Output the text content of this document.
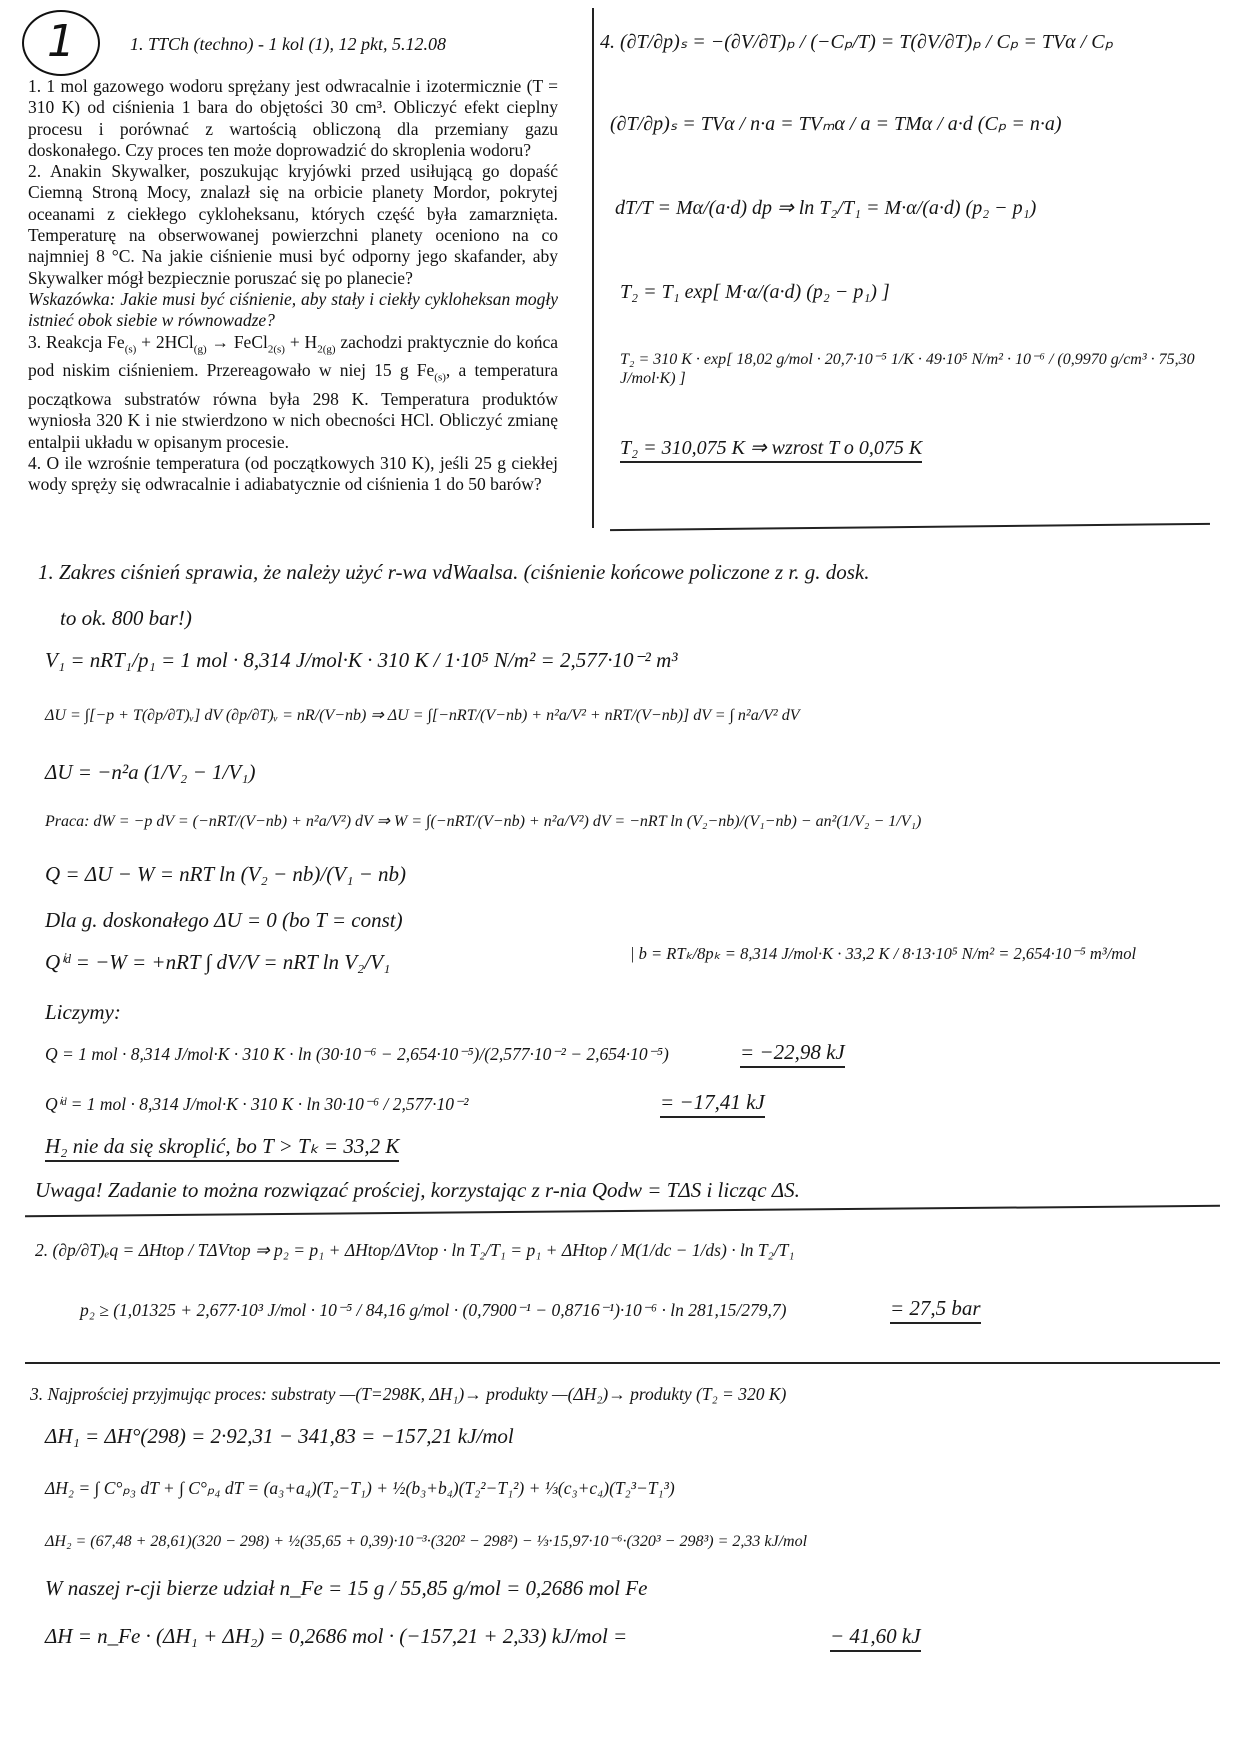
1	1. TTCh (techno) - 1 kol (1), 12 pkt, 5.12.08

1. 1 mol gazowego wodoru sprężany jest odwracalnie i izotermicznie (T = 310 K) od ciśnienia 1 bara do objętości 30 cm³. Obliczyć efekt cieplny procesu i porównać z wartością obliczoną dla przemiany gazu doskonałego. Czy proces ten może doprowadzić do skroplenia wodoru?

2. Anakin Skywalker, poszukując kryjówki przed usiłującą go dopaść Ciemną Stroną Mocy, znalazł się na orbicie planety Mordor, pokrytej oceanami z ciekłego cykloheksanu, których część była zamarznięta. Temperaturę na obserwowanej powierzchni planety oceniono na co najmniej 8 °C. Na jakie ciśnienie musi być odporny jego skafander, aby Skywalker mógł bezpiecznie poruszać się po planecie?

Wskazówka: Jakie musi być ciśnienie, aby stały i ciekły cykloheksan mogły istnieć obok siebie w równowadze?

3. Reakcja $Fe_{(s)} + 2HCl_{(g)}$ → FeCl$_{2(s)}$ + $H_{2(g)}$ zachodzi praktycznie do końca pod niskim ciśnieniem. Przereagowało w niej 15 g $Fe_{(s)}$, a temperatura początkowa substratów równa była 298 K. Temperatura produktów wyniosła 320 K i nie stwierdzono w nich obecności HCl. Obliczyć zmianę entalpii układu w opisanym procesie.

4. O ile wzrośnie temperatura (od początkowych 310 K), jeśli 25 g ciekłej wody spręży się odwracalnie i adiabatycznie od ciśnienia 1 do 50 barów?

4. (∂T/∂p)ₛ = −(∂V/∂T)ₚ / (−Cₚ/T) = T(∂V/∂T)ₚ / Cₚ = TVα / Cₚ
(∂T/∂p)ₛ = TVα / n·a = TVₘα / a = TMα / a·d (Cₚ = n·a)
dT/T = Mα/(a·d) dp ⇒ ln T₂/T₁ = M·α/(a·d) (p₂ − p₁)
T₂ = T₁ exp[ M·α/(a·d) (p₂ − p₁) ]
T₂ = 310 K · exp[ 18,02 g/mol · 20,7·10⁻⁵ 1/K · 49·10⁵ N/m² · 10⁻⁶ / (0,9970 g/cm³ · 75,30 J/mol·K) ]
T₂ = 310,075 K ⇒ wzrost T o 0,075 K
1. Zakres ciśnień sprawia, że należy użyć r-wa vdWaalsa. (ciśnienie końcowe policzone z r. g. dosk.
to ok. 800 bar!)
V₁ = nRT₁/p₁ = 1 mol · 8,314 J/mol·K · 310 K / 1·10⁵ N/m² = 2,577·10⁻² m³
ΔU = ∫[−p + T(∂p/∂T)ᵥ] dV (∂p/∂T)ᵥ = nR/(V−nb) ⇒ ΔU = ∫[−nRT/(V−nb) + n²a/V² + nRT/(V−nb)] dV = ∫ n²a/V² dV
ΔU = −n²a (1/V₂ − 1/V₁)
Praca: dW = −p dV = (−nRT/(V−nb) + n²a/V²) dV ⇒ W = ∫(−nRT/(V−nb) + n²a/V²) dV = −nRT ln (V₂−nb)/(V₁−nb) − an²(1/V₂ − 1/V₁)
Q = ΔU − W = nRT ln (V₂ − nb)/(V₁ − nb)
Dla g. doskonałego ΔU = 0 (bo T = const)
Qⁱᵈ = −W = +nRT ∫ dV/V = nRT ln V₂/V₁	| b = RTₖ/8pₖ = 8,314 J/mol·K · 33,2 K / 8·13·10⁵ N/m² = 2,654·10⁻⁵ m³/mol
Liczymy:
Q = 1 mol · 8,314 J/mol·K · 310 K · ln (30·10⁻⁶ − 2,654·10⁻⁵)/(2,577·10⁻² − 2,654·10⁻⁵)	= −22,98 kJ
Qⁱᵈ = 1 mol · 8,314 J/mol·K · 310 K · ln 30·10⁻⁶ / 2,577·10⁻²	= −17,41 kJ
H₂ nie da się skroplić, bo T > Tₖ = 33,2 K
Uwaga! Zadanie to można rozwiązać prościej, korzystając z r-nia Qodw = TΔS i licząc ΔS.
2. (∂p/∂T)ₑq = ΔHtop / TΔVtop ⇒ p₂ = p₁ + ΔHtop/ΔVtop · ln T₂/T₁ = p₁ + ΔHtop / M(1/dc − 1/ds) · ln T₂/T₁
p₂ ≥ (1,01325 + 2,677·10³ J/mol · 10⁻⁵ / 84,16 g/mol · (0,7900⁻¹ − 0,8716⁻¹)·10⁻⁶ · ln 281,15/279,7)	= 27,5 bar
3. Najprościej przyjmując proces: substraty —(T=298K, ΔH₁)→ produkty —(ΔH₂)→ produkty (T₂ = 320 K)
ΔH₁ = ΔH°(298) = 2·92,31 − 341,83 = −157,21 kJ/mol
ΔH₂ = ∫ C°ₚ₃ dT + ∫ C°ₚ₄ dT = (a₃+a₄)(T₂−T₁) + ½(b₃+b₄)(T₂²−T₁²) + ⅓(c₃+c₄)(T₂³−T₁³)
ΔH₂ = (67,48 + 28,61)(320 − 298) + ½(35,65 + 0,39)·10⁻³·(320² − 298²) − ⅓·15,97·10⁻⁶·(320³ − 298³) = 2,33 kJ/mol
W naszej r-cji bierze udział n_Fe = 15 g / 55,85 g/mol = 0,2686 mol Fe
ΔH = n_Fe · (ΔH₁ + ΔH₂) = 0,2686 mol · (−157,21 + 2,33) kJ/mol =	− 41,60 kJ
